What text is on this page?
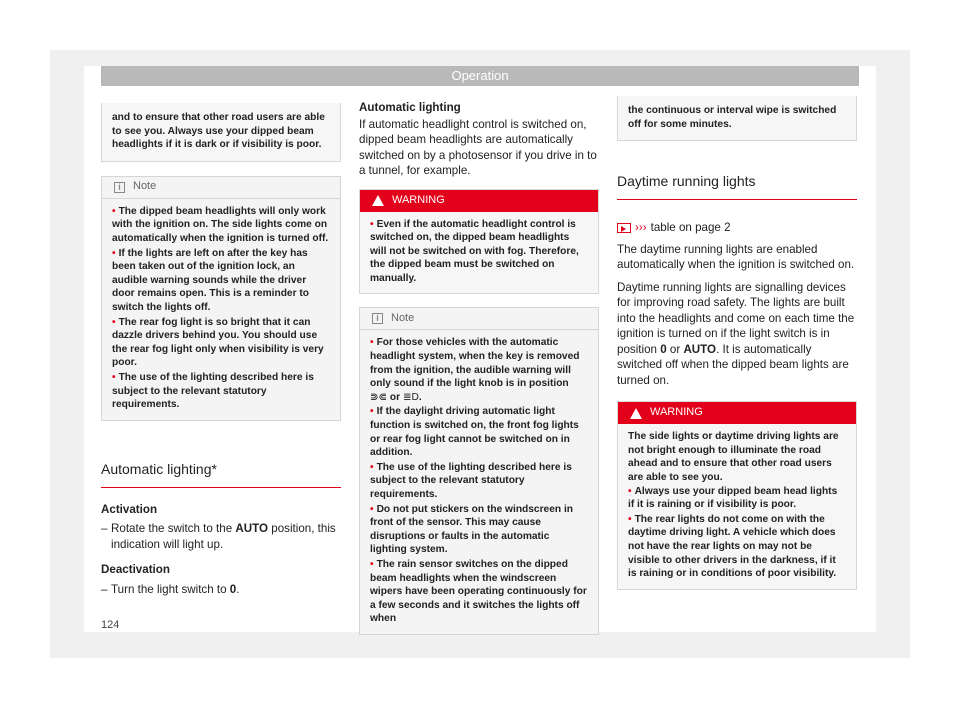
Operation
and to ensure that other road users are able to see you. Always use your dipped beam headlights if it is dark or if visibility is poor.
i	Note
• The dipped beam headlights will only work with the ignition on. The side lights come on automatically when the ignition is turned off.
• If the lights are left on after the key has been taken out of the ignition lock, an audible warning sounds while the driver door remains open. This is a reminder to switch the lights off.
• The rear fog light is so bright that it can dazzle drivers behind you. You should use the rear fog light only when visibility is very poor.
• The use of the lighting described here is subject to the relevant statutory requirements.
Automatic lighting*

Activation

– Rotate the switch to the AUTO position, this indication will light up.

Deactivation

– Turn the light switch to 0.

Automatic lighting

If automatic headlight control is switched on, dipped beam headlights are automatically switched on by a photosensor if you drive in to a tunnel, for example.

WARNING
• Even if the automatic headlight control is switched on, the dipped beam headlights will not be switched on with fog. Therefore, the dipped beam must be switched on manually.
i	Note
• For those vehicles with the automatic headlight system, when the key is removed from the ignition, the audible warning will only sound if the light knob is in position ⋑⋐ or ≣D.
• If the daylight driving automatic light function is switched on, the front fog lights or rear fog light cannot be switched on in addition.
• The use of the lighting described here is subject to the relevant statutory requirements.
• Do not put stickers on the windscreen in front of the sensor. This may cause disruptions or faults in the automatic lighting system.
• The rain sensor switches on the dipped beam headlights when the windscreen wipers have been operating continuously for a few seconds and it switches the lights off when
the continuous or interval wipe is switched off for some minutes.
Daytime running lights

››› table on page 2

The daytime running lights are enabled automatically when the ignition is switched on.

Daytime running lights are signalling devices for improving road safety. The lights are built into the headlights and come on each time the ignition is turned on if the light switch is in position 0 or AUTO. It is automatically switched off when the dipped beam lights are turned on.

WARNING
The side lights or daytime driving lights are not bright enough to illuminate the road ahead and to ensure that other road users are able to see you.
• Always use your dipped beam head lights if it is raining or if visibility is poor.
• The rear lights do not come on with the daytime driving light. A vehicle which does not have the rear lights on may not be visible to other drivers in the darkness, if it is raining or in conditions of poor visibility.
124
